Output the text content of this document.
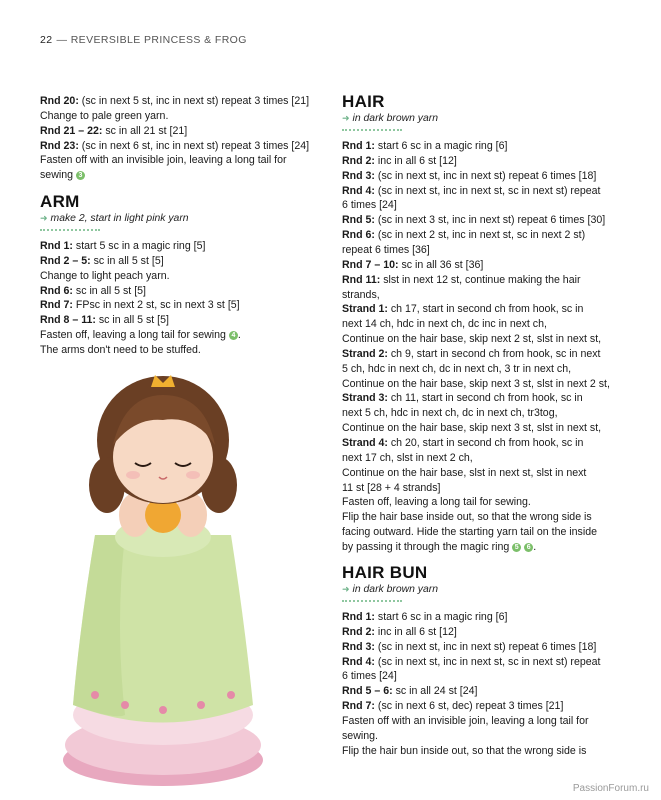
22 — REVERSIBLE PRINCESS & FROG
Rnd 20: (sc in next 5 st, inc in next st) repeat 3 times [21]
Change to pale green yarn.
Rnd 21 – 22: sc in all 21 st [21]
Rnd 23: (sc in next 6 st, inc in next st) repeat 3 times [24]
Fasten off with an invisible join, leaving a long tail for
sewing 3
ARM
➜ make 2, start in light pink yarn
Rnd 1: start 5 sc in a magic ring [5]
Rnd 2 – 5: sc in all 5 st [5]
Change to light peach yarn.
Rnd 6: sc in all 5 st [5]
Rnd 7: FPsc in next 2 st, sc in next 3 st [5]
Rnd 8 – 11: sc in all 5 st [5]
Fasten off, leaving a long tail for sewing 4 .
The arms don't need to be stuffed.
HAIR
➜ in dark brown yarn
Rnd 1: start 6 sc in a magic ring [6]
Rnd 2: inc in all 6 st [12]
Rnd 3: (sc in next st, inc in next st) repeat 6 times [18]
Rnd 4: (sc in next st, inc in next st, sc in next st) repeat
6 times [24]
Rnd 5: (sc in next 3 st, inc in next st) repeat 6 times [30]
Rnd 6: (sc in next 2 st, inc in next st, sc in next 2 st)
repeat 6 times [36]
Rnd 7 – 10: sc in all 36 st [36]
Rnd 11: slst in next 12 st, continue making the hair
strands,
Strand 1: ch 17, start in second ch from hook, sc in
next 14 ch, hdc in next ch, dc inc in next ch,
Continue on the hair base, skip next 2 st, slst in next st,
Strand 2: ch 9, start in second ch from hook, sc in next
5 ch, hdc in next ch, dc in next ch, 3 tr in next ch,
Continue on the hair base, skip next 3 st, slst in next 2 st,
Strand 3: ch 11, start in second ch from hook, sc in
next 5 ch, hdc in next ch, dc in next ch, tr3tog,
Continue on the hair base, skip next 3 st, slst in next st,
Strand 4: ch 20, start in second ch from hook, sc in
next 17 ch, slst in next 2 ch,
Continue on the hair base, slst in next st, slst in next
11 st [28 + 4 strands]
Fasten off, leaving a long tail for sewing.
Flip the hair base inside out, so that the wrong side is
facing outward. Hide the starting yarn tail on the inside
by passing it through the magic ring 5 6 .
HAIR BUN
➜ in dark brown yarn
Rnd 1: start 6 sc in a magic ring [6]
Rnd 2: inc in all 6 st [12]
Rnd 3: (sc in next st, inc in next st) repeat 6 times [18]
Rnd 4: (sc in next st, inc in next st, sc in next st) repeat
6 times [24]
Rnd 5 – 6: sc in all 24 st [24]
Rnd 7: (sc in next 6 st, dec) repeat 3 times [21]
Fasten off with an invisible join, leaving a long tail for
sewing.
Flip the hair bun inside out, so that the wrong side is
PassionForum.ru
